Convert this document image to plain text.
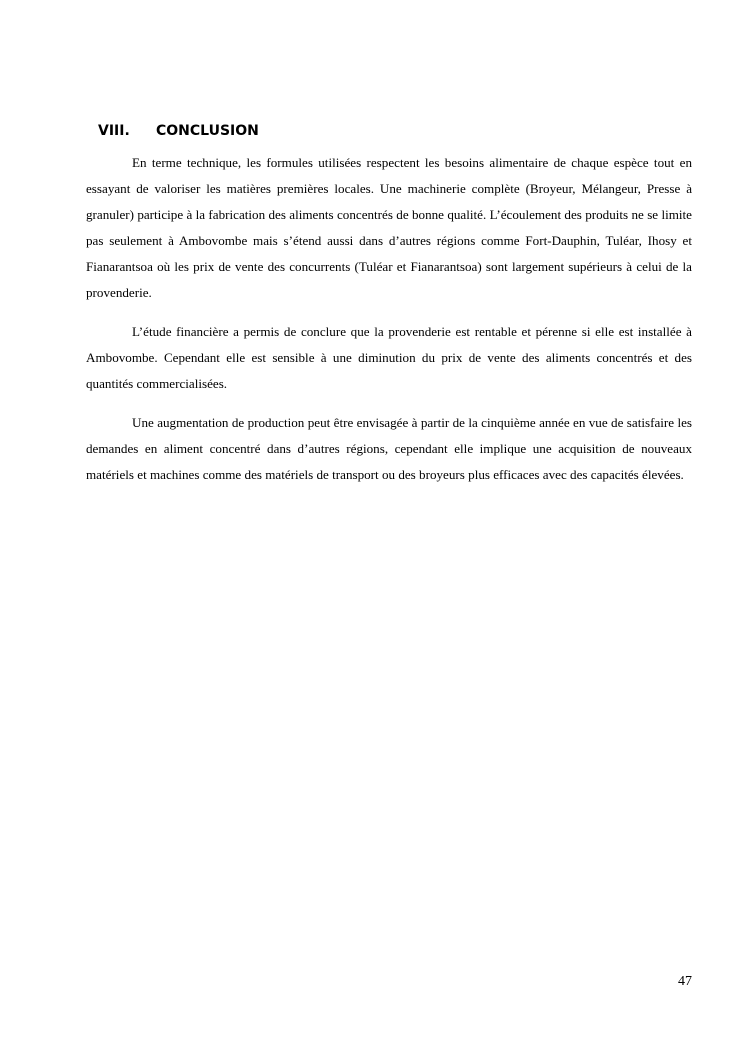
VIII. CONCLUSION

En terme technique, les formules utilisées respectent les besoins alimentaire de chaque espèce tout en essayant de valoriser les matières premières locales. Une machinerie complète (Broyeur, Mélangeur, Presse à granuler) participe à la fabrication des aliments concentrés de bonne qualité. L’écoulement des produits ne se limite pas seulement à Ambovombe mais s’étend aussi dans d’autres régions comme Fort-Dauphin, Tuléar, Ihosy et Fianarantsoa où les prix de vente des concurrents (Tuléar et Fianarantsoa) sont largement supérieurs à celui de la provenderie.

L’étude financière a permis de conclure que la provenderie est rentable et pérenne si elle est installée à Ambovombe. Cependant elle est sensible à une diminution du prix de vente des aliments concentrés et des quantités commercialisées.

Une augmentation de production peut être envisagée à partir de la cinquième année en vue de satisfaire les demandes en aliment concentré dans d’autres régions, cependant elle implique une acquisition de nouveaux matériels et machines comme des matériels de transport ou des broyeurs plus efficaces avec des capacités élevées.

47
